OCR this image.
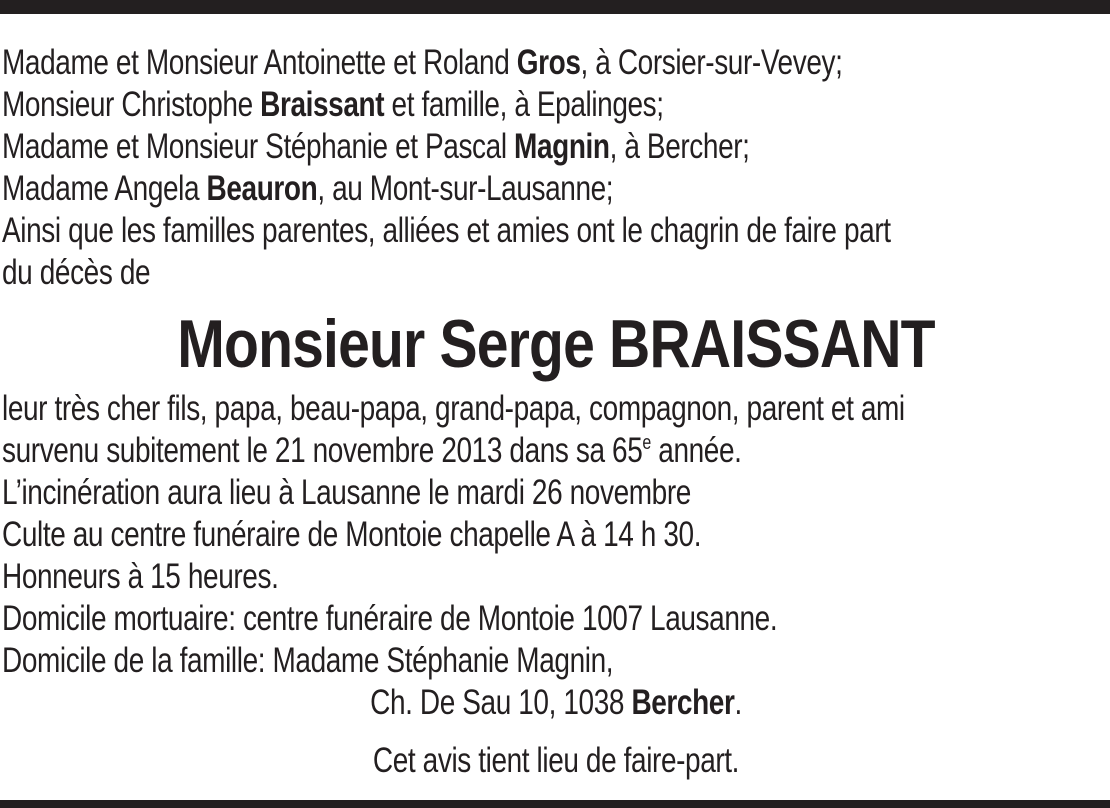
Madame et Monsieur Antoinette et Roland Gros, à Corsier-sur-Vevey;
Monsieur Christophe Braissant et famille, à Epalinges;
Madame et Monsieur Stéphanie et Pascal Magnin, à Bercher;
Madame Angela Beauron, au Mont-sur-Lausanne;
Ainsi que les familles parentes, alliées et amies ont le chagrin de faire part
du décès de
Monsieur Serge BRAISSANT
leur très cher fils, papa, beau-papa, grand-papa, compagnon, parent et ami
survenu subitement le 21 novembre 2013 dans sa 65e année.
L’incinération aura lieu à Lausanne le mardi 26 novembre
Culte au centre funéraire de Montoie chapelle A à 14 h 30.
Honneurs à 15 heures.
Domicile mortuaire: centre funéraire de Montoie 1007 Lausanne.
Domicile de la famille: Madame Stéphanie Magnin,
Ch. De Sau 10, 1038 Bercher.
Cet avis tient lieu de faire-part.
